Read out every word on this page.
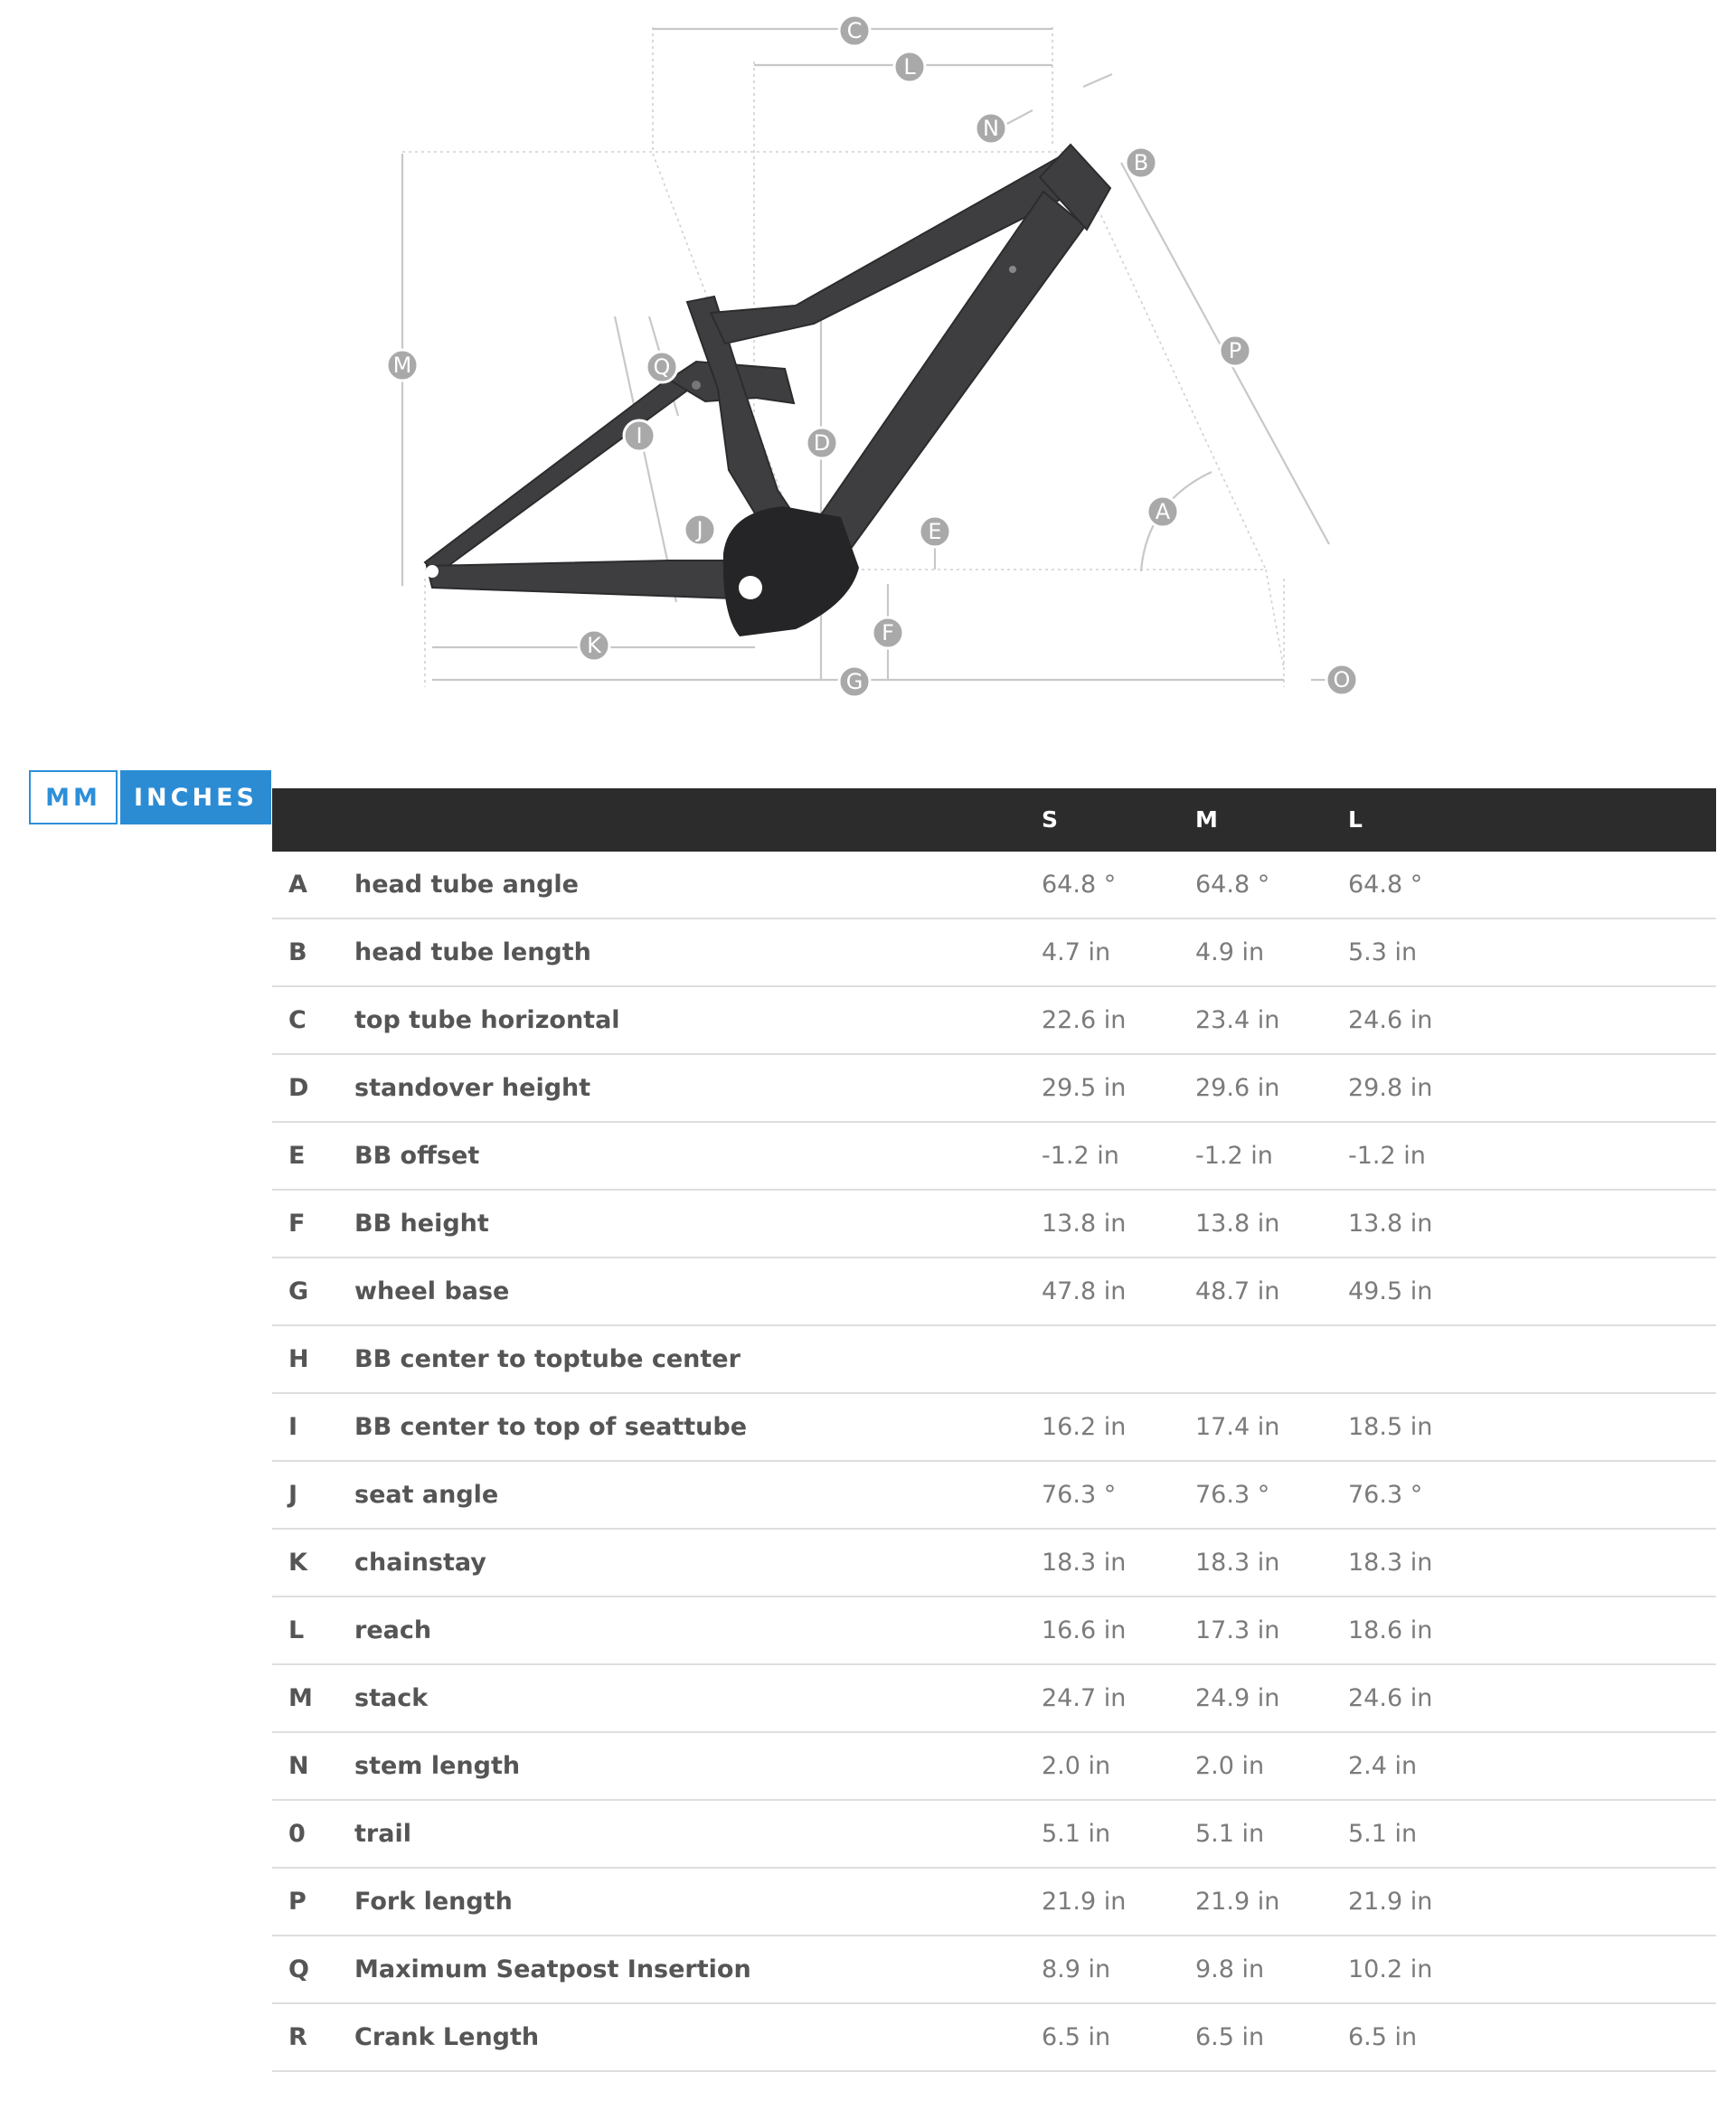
C
L
N
B
M	Q
I	D
P
J	E
A
F
K
G	O
MM	INCHES
S	M	L
A head tube angle	64.8 °	64.8 °	64.8 °
B head tube length	4.7 in	4.9 in	5.3 in
C top tube horizontal	22.6 in	23.4 in	24.6 in
D standover height	29.5 in	29.6 in	29.8 in
E BB offset	-1.2 in	-1.2 in	-1.2 in
F BB height	13.8 in	13.8 in	13.8 in
G wheel base	47.8 in	48.7 in	49.5 in
H BB center to toptube center
I BB center to top of seattube	16.2 in	17.4 in	18.5 in
J seat angle	76.3 °	76.3 °	76.3 °
K chainstay	18.3 in	18.3 in	18.3 in
L reach	16.6 in	17.3 in	18.6 in
M stack	24.7 in	24.9 in	24.6 in
N stem length	2.0 in	2.0 in	2.4 in
0 trail	5.1 in	5.1 in	5.1 in
P Fork length	21.9 in	21.9 in	21.9 in
Q Maximum Seatpost Insertion	8.9 in	9.8 in	10.2 in
R Crank Length	6.5 in	6.5 in	6.5 in
